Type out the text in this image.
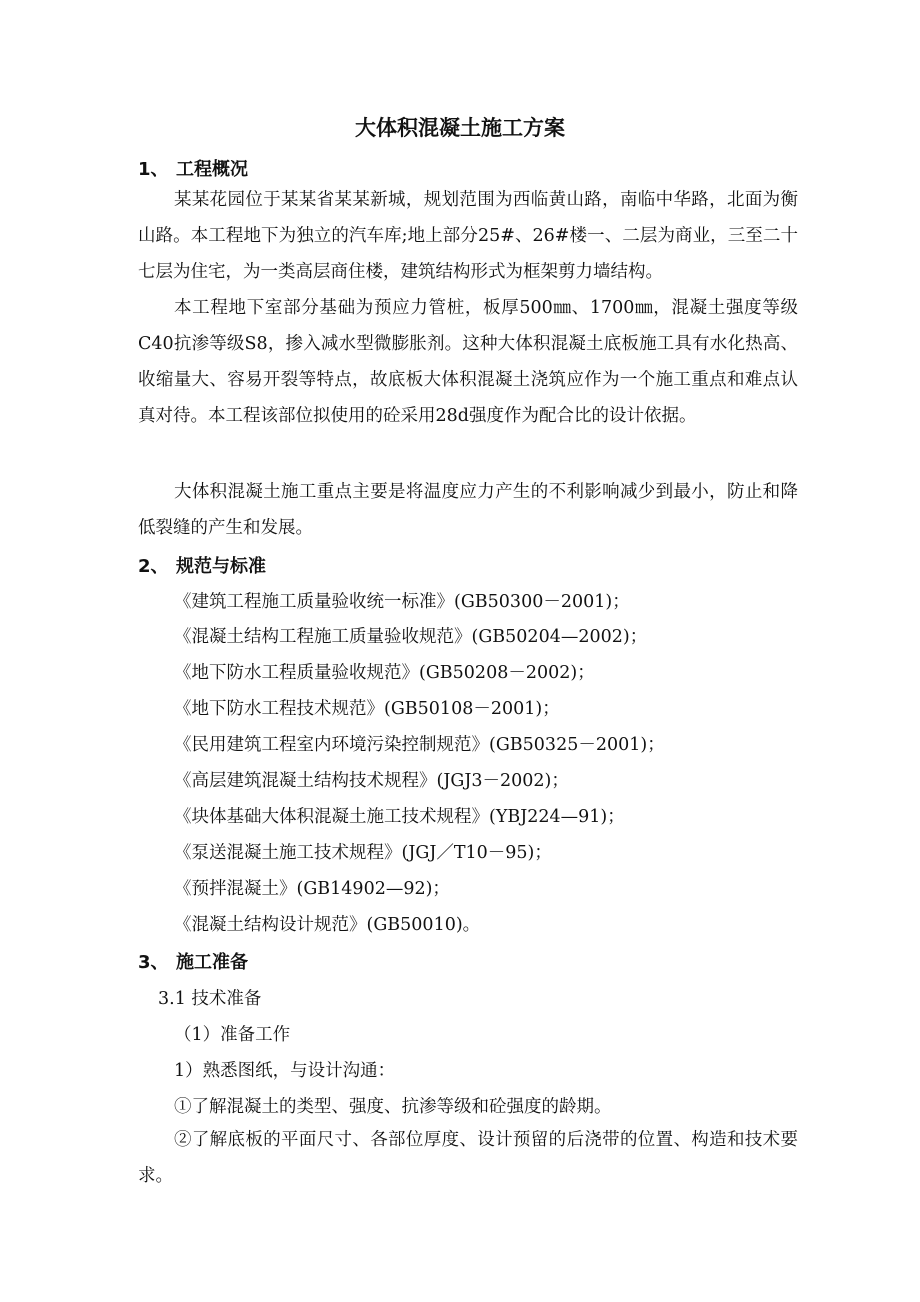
大体积混凝土施工方案
1、 工程概况

某某花园位于某某省某某新城，规划范围为西临黄山路，南临中华路，北面为衡山路。本工程地下为独立的汽车库;地上部分25#、26#楼一、二层为商业，三至二十七层为住宅，为一类高层商住楼，建筑结构形式为框架剪力墙结构。

本工程地下室部分基础为预应力管桩，板厚500㎜、1700㎜，混凝土强度等级C40抗渗等级S8，掺入减水型微膨胀剂。这种大体积混凝土底板施工具有水化热高、收缩量大、容易开裂等特点，故底板大体积混凝土浇筑应作为一个施工重点和难点认真对待。本工程该部位拟使用的砼采用28d强度作为配合比的设计依据。

大体积混凝土施工重点主要是将温度应力产生的不利影响减少到最小，防止和降低裂缝的产生和发展。

2、 规范与标准
《建筑工程施工质量验收统一标准》(GB50300－2001)；
《混凝土结构工程施工质量验收规范》(GB50204—2002)；
《地下防水工程质量验收规范》(GB50208－2002)；
《地下防水工程技术规范》(GB50108－2001)；
《民用建筑工程室内环境污染控制规范》(GB50325－2001)；
《高层建筑混凝土结构技术规程》(JGJ3－2002)；
《块体基础大体积混凝土施工技术规程》(YBJ224—91)；
《泵送混凝土施工技术规程》(JGJ／T10－95)；
《预拌混凝土》(GB14902—92)；
《混凝土结构设计规范》(GB50010)。
3、 施工准备
3.1 技术准备
（1）准备工作
1）熟悉图纸，与设计沟通：
①了解混凝土的类型、强度、抗渗等级和砼强度的龄期。

②了解底板的平面尺寸、各部位厚度、设计预留的后浇带的位置、构造和技术要求。
